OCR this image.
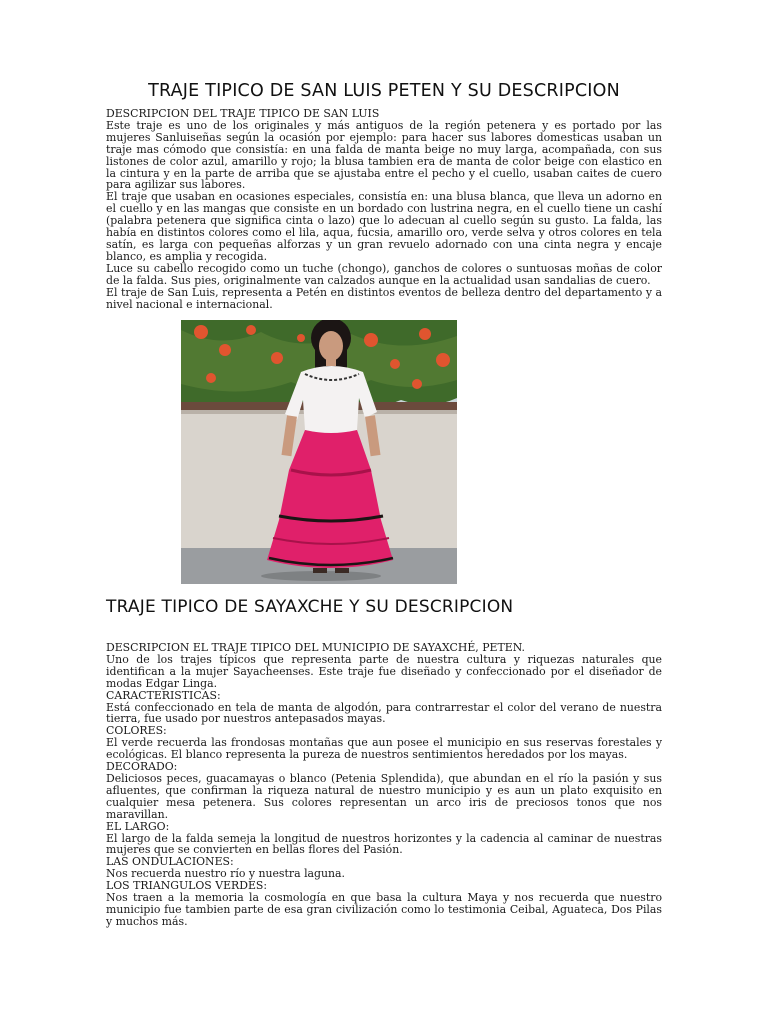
TRAJE TIPICO DE SAN LUIS PETEN Y SU DESCRIPCION

DESCRIPCION DEL TRAJE TIPICO DE SAN LUIS

Este traje es uno de los originales y más antiguos de la región petenera y es portado por las mujeres Sanluiseñas según la ocasión por ejemplo: para hacer sus labores domesticas usaban un traje mas cómodo que consistía: en una falda de manta beige no muy larga, acompañada, con sus listones de color azul, amarillo y rojo; la blusa tambien era de manta de color beige con elastico en la cintura y en la parte de arriba que se ajustaba entre el pecho y el cuello, usaban caites de cuero para agilizar sus labores.

El traje que usaban en ocasiones especiales, consistía en: una blusa blanca, que lleva un adorno en el cuello y en las mangas que consiste en un bordado con lustrina negra, en el cuello tiene un cashí (palabra petenera que significa cinta o lazo) que lo adecuan al cuello según su gusto. La falda, las había en distintos colores como el lila, aqua, fucsia, amarillo oro, verde selva y otros colores en tela satín, es larga con pequeñas alforzas y un gran revuelo adornado con una cinta negra y encaje blanco, es amplia y recogida.

Luce su cabello recogido como un tuche (chongo), ganchos de colores o suntuosas moñas de color de la falda. Sus pies, originalmente van calzados aunque en la actualidad usan sandalias de cuero.

El traje de San Luis, representa a Petén en distintos eventos de belleza dentro del departamento y a nivel nacional e internacional.

TRAJE TIPICO DE SAYAXCHE Y SU DESCRIPCION

DESCRIPCION EL TRAJE TIPICO DEL MUNICIPIO DE SAYAXCHÉ, PETEN.

Uno de los trajes típicos que representa parte de nuestra cultura y riquezas naturales que identifican a la mujer Sayacheenses. Este traje fue diseñado y confeccionado por el diseñador de modas Edgar Linga.

CARACTERISTICAS:

Está confeccionado en tela de manta de algodón, para contrarrestar el color del verano de nuestra tierra, fue usado por nuestros antepasados mayas.

COLORES:

El verde recuerda las frondosas montañas que aun posee el municipio en sus reservas forestales y ecológicas. El blanco representa la pureza de nuestros sentimientos heredados por los mayas.

DECORADO:

Deliciosos peces, guacamayas o blanco (Petenia Splendida), que abundan en el río la pasión y sus afluentes, que confirman la riqueza natural de nuestro municipio y es aun un plato exquisito en cualquier mesa petenera. Sus colores representan un arco iris de preciosos tonos que nos maravillan.

EL LARGO:

El largo de la falda semeja la longitud de nuestros horizontes y la cadencia al caminar de nuestras mujeres que se convierten en bellas flores del Pasión.

LAS ONDULACIONES:

Nos recuerda nuestro río y nuestra laguna.

LOS TRIANGULOS VERDES:

Nos traen a la memoria la cosmología en que basa la cultura Maya y nos recuerda que nuestro municipio fue tambien parte de esa gran civilización como lo testimonia Ceibal, Aguateca, Dos Pilas y muchos más.
